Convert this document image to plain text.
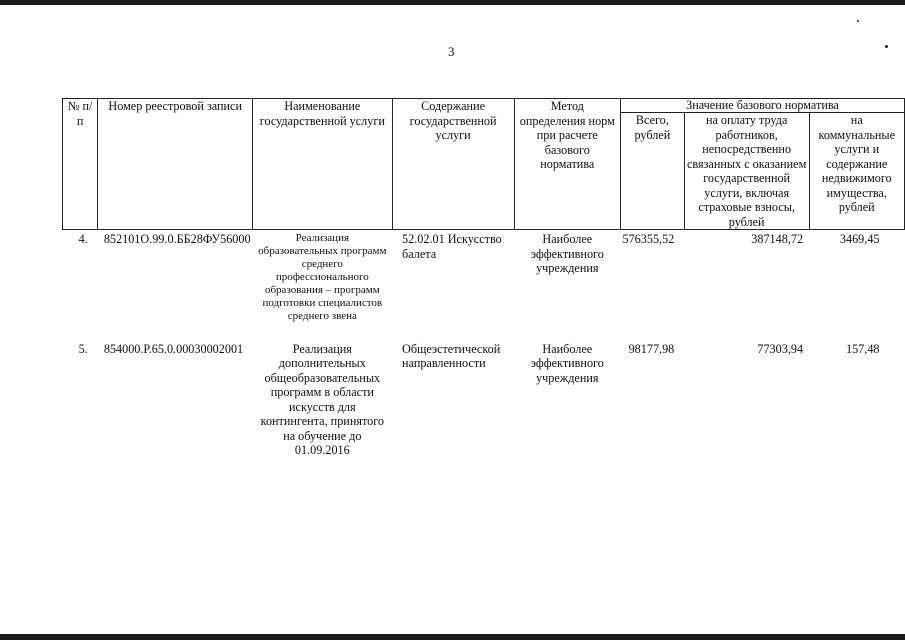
3
№ п/п	Номер реестровой записи	Наименование государственной услуги	Содержание государственной услуги	Метод определения норм при расчете базового норматива	Значение базового норматива		
					Всего, рублей	на оплату труда работников, непосредственно связанных с оказанием государственной услуги, включая страховые взносы, рублей	на коммунальные услуги и содержание недвижимого имущества, рублей
4.	852101О.99.0.ББ28ФУ56000	Реализация образовательных программ среднего профессионального образования – программ подготовки специалистов среднего звена	52.02.01 Искусство балета	Наиболее эффективного учреждения	576355,52	387148,72	3469,45
5.	854000.Р.65.0.00030002001	Реализация дополнительных общеобразовательных программ в области искусств для контингента, принятого на обучение до 01.09.2016	Общеэстетической направленности	Наиболее эффективного учреждения	98177,98	77303,94	157,48
